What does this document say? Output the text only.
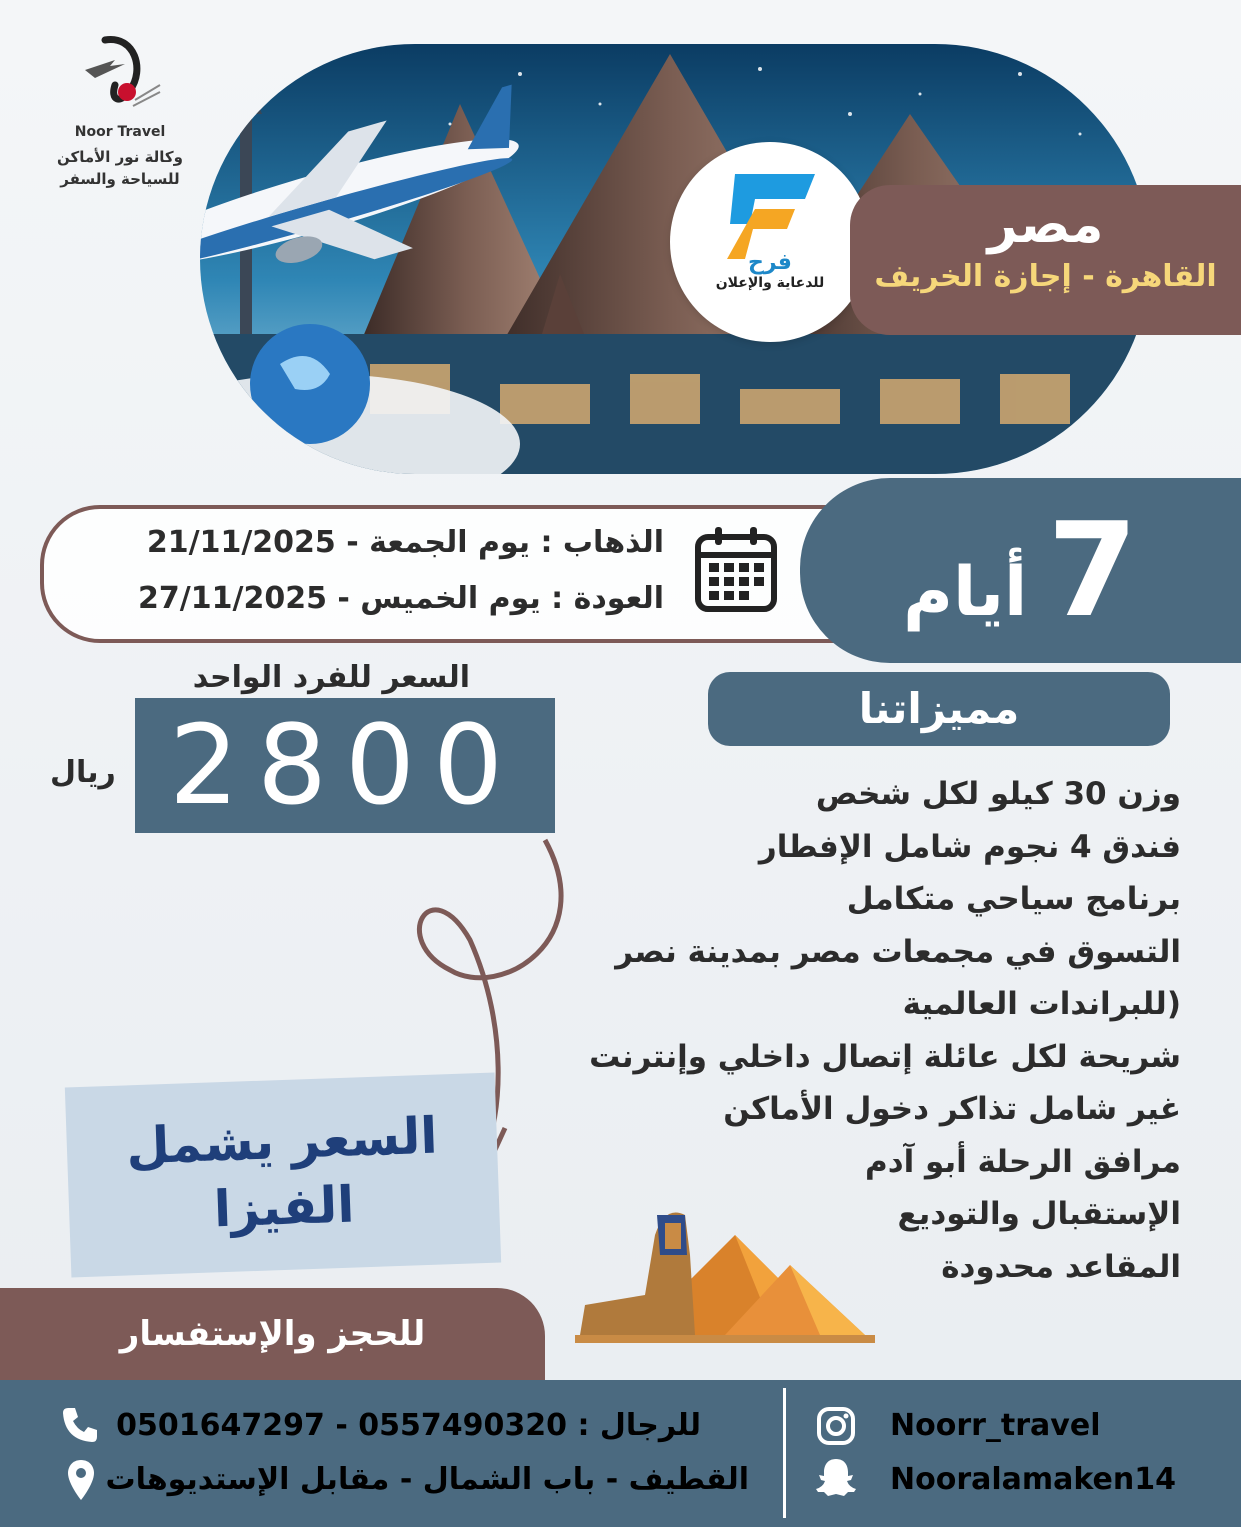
Noor Travel
وكالة نور الأماكن
للسياحة والسفر
فرح
للدعاية والإعلان
مصر
القاهرة - إجازة الخريف
الذهاب : يوم الجمعة - 21/11/2025
العودة : يوم الخميس - 27/11/2025	7أيام
السعر للفرد الواحد
2800
ريال
مميزاتنا
وزن 30 كيلو لكل شخص
فندق 4 نجوم شامل الإفطار
برنامج سياحي متكامل
التسوق في مجمعات مصر بمدينة نصر
(للبراندات العالمية
شريحة لكل عائلة إتصال داخلي وإنترنت
غير شامل تذاكر دخول الأماكن
مرافق الرحلة أبو آدم
الإستقبال والتوديع
المقاعد محدودة
السعر يشمل
الفيزا
للحجز والإستفسار
للرجال : 0557490320 - 0501647297
القطيف - باب الشمال - مقابل الإستديوهات
Noorr_travel
Nooralamaken14
